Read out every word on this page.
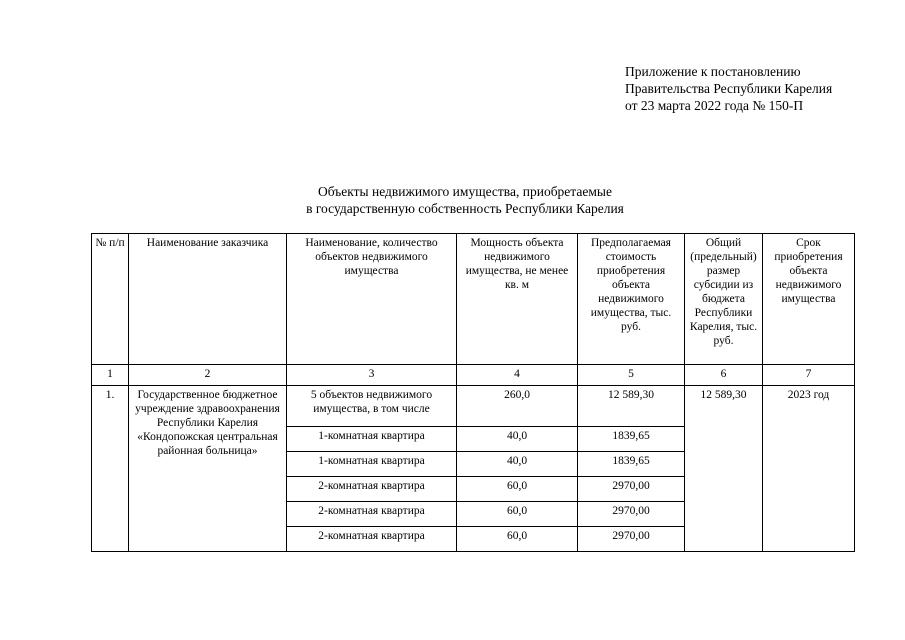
Приложение к постановлению
Правительства Республики Карелия
от 23 марта 2022 года № 150-П
Объекты недвижимого имущества, приобретаемые
в государственную собственность Республики Карелия
№ п/п	Наименование заказчика	Наименование, количество объектов недвижимого имущества	Мощность объекта недвижимого имущества, не менее кв. м	Предполагаемая стоимость приобретения объекта недвижимого имущества, тыс. руб.	Общий (предельный) размер субсидии из бюджета Республики Карелия, тыс. руб.	Срок приобретения объекта недвижимого имущества
1	2	3	4	5	6	7
1.	Государственное бюджетное учреждение здравоохранения Республики Карелия «Кондопожская центральная районная больница»	5 объектов недвижимого имущества, в том числе	260,0	12 589,30	12 589,30	2023 год
		1-комнатная квартира	40,0	1839,65		
		1-комнатная квартира	40,0	1839,65		
		2-комнатная квартира	60,0	2970,00		
		2-комнатная квартира	60,0	2970,00		
		2-комнатная квартира	60,0	2970,00		
